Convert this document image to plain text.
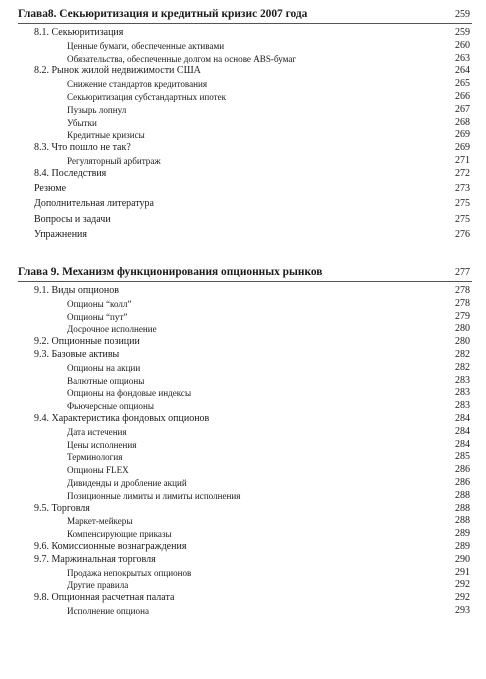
Глава8. Секьюритизация и кредитный кризис 2007 года	259
8.1. Секьюритизация	259
Ценные бумаги, обеспеченные активами	260
Обязательства, обеспеченные долгом на основе ABS-бумаг	263
8.2. Рынок жилой недвижимости США	264
Снижение стандартов кредитования	265
Секьюритизация субстандартных ипотек	266
Пузырь лопнул	267
Убытки	268
Кредитные кризисы	269
8.3. Что пошло не так?	269
Регуляторный арбитраж	271
8.4. Последствия	272
Резюме	273
Дополнительная литература	275
Вопросы и задачи	275
Упражнения	276
Глава 9. Механизм функционирования опционных рынков	277
9.1. Виды опционов	278
Опционы “колл”	278
Опционы “пут”	279
Досрочное исполнение	280
9.2. Опционные позиции	280
9.3. Базовые активы	282
Опционы на акции	282
Валютные опционы	283
Опционы на фондовые индексы	283
Фьючерсные опционы	283
9.4. Характеристика фондовых опционов	284
Дата истечения	284
Цены исполнения	284
Терминология	285
Опционы FLEX	286
Дивиденды и дробление акций	286
Позиционные лимиты и лимиты исполнения	288
9.5. Торговля	288
Маркет-мейкеры	288
Компенсирующие приказы	289
9.6. Комиссионные вознаграждения	289
9.7. Маржинальная торговля	290
Продажа непокрытых опционов	291
Другие правила	292
9.8. Опционная расчетная палата	292
Исполнение опциона	293
